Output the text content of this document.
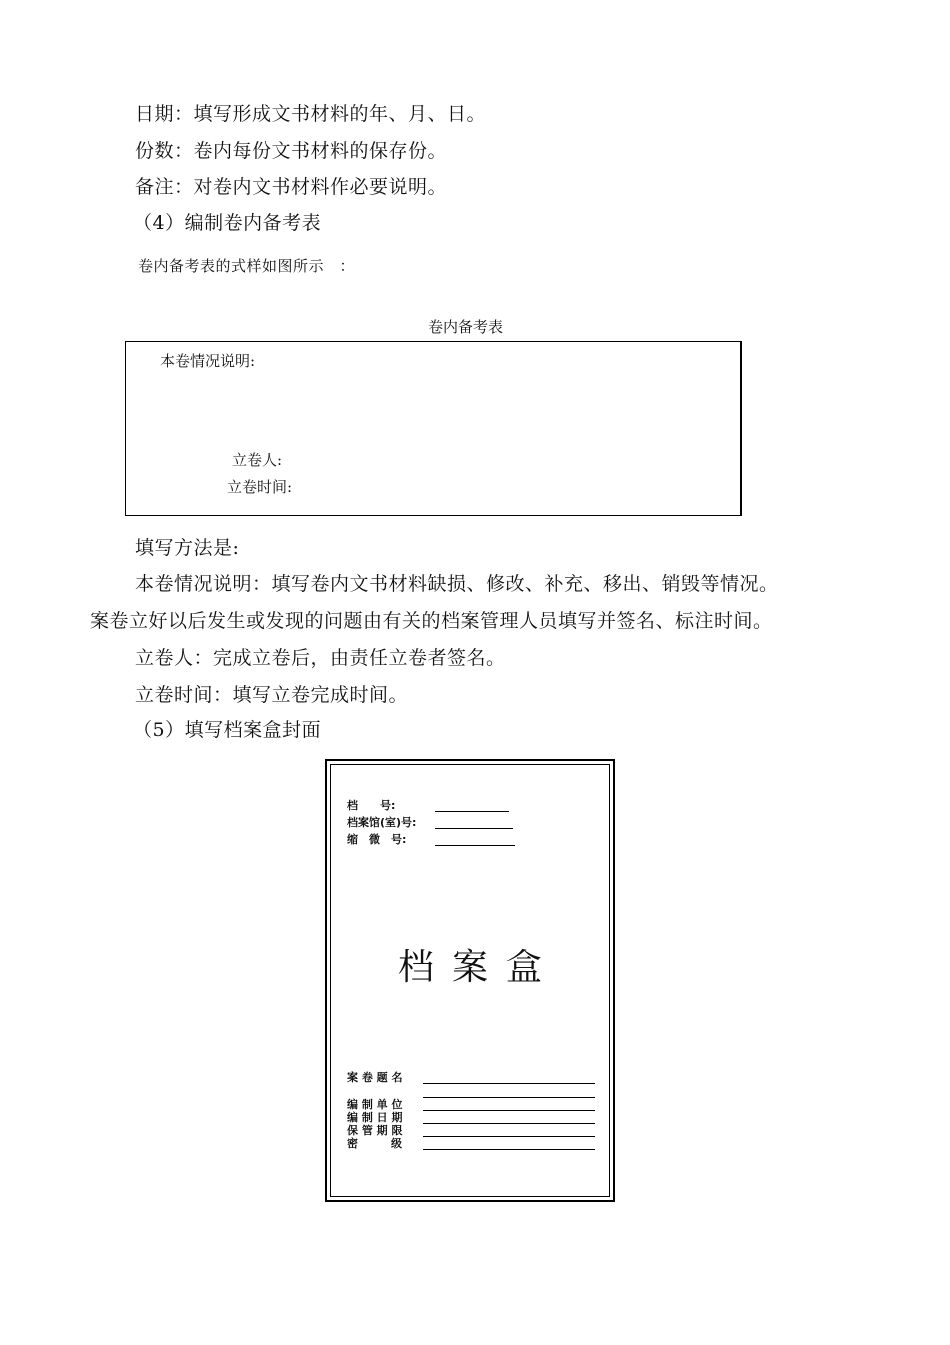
日期：填写形成文书材料的年、月、日。
份数：卷内每份文书材料的保存份。
备注：对卷内文书材料作必要说明。
（4）编制卷内备考表
卷内备考表的式样如图所示　：
卷内备考表
本卷情况说明:
立卷人:
立卷时间:
填写方法是:
本卷情况说明：填写卷内文书材料缺损、修改、补充、移出、销毁等情况。
案卷立好以后发生或发现的问题由有关的档案管理人员填写并签名、标注时间。
立卷人：完成立卷后，由责任立卷者签名。
立卷时间：填写立卷完成时间。
（5）填写档案盒封面
档　　号:
档案馆(室)号:
缩　微　号:
档案盒
案 卷 题 名
编 制 单 位
编 制 日 期
保 管 期 限
密　　　级
